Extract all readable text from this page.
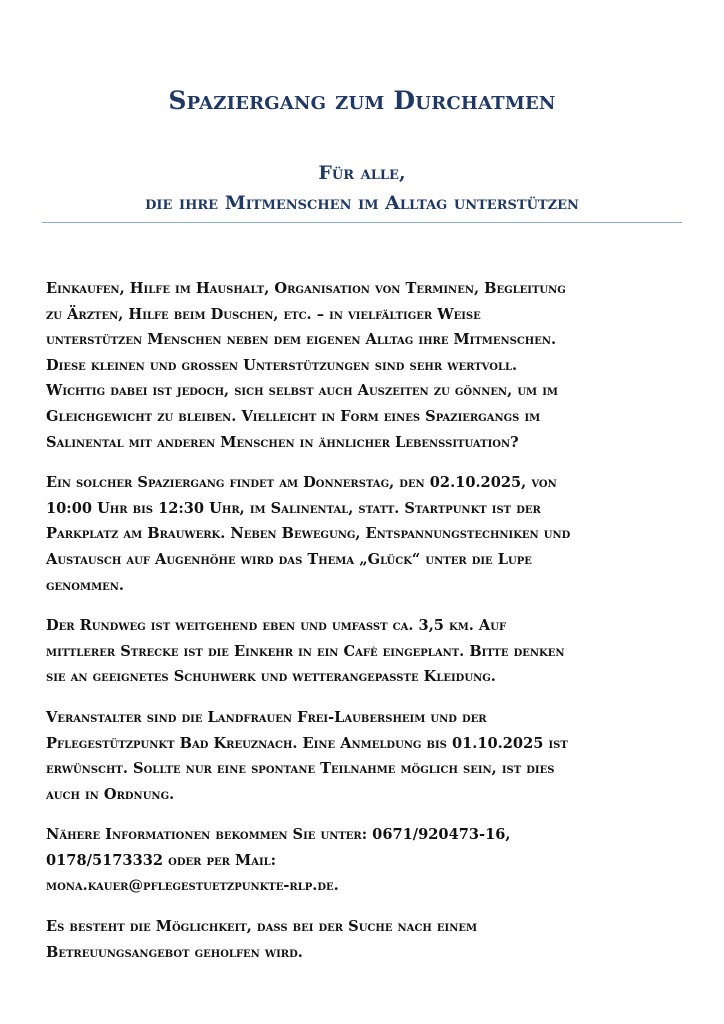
Spaziergang zum Durchatmen
Für alle,
die ihre Mitmenschen im Alltag unterstützen

Einkaufen, Hilfe im Haushalt, Organisation von Terminen, Begleitung
zu Ärzten, Hilfe beim Duschen, etc. – in vielfältiger Weise
unterstützen Menschen neben dem eigenen Alltag ihre Mitmenschen.
Diese kleinen und großen Unterstützungen sind sehr wertvoll.
Wichtig dabei ist jedoch, sich selbst auch Auszeiten zu gönnen, um im
Gleichgewicht zu bleiben. Vielleicht in Form eines Spaziergangs im
Salinental mit anderen Menschen in ähnlicher Lebenssituation?

Ein solcher Spaziergang findet am Donnerstag, den 02.10.2025, von
10:00 Uhr bis 12:30 Uhr, im Salinental, statt. Startpunkt ist der
Parkplatz am Brauwerk. Neben Bewegung, Entspannungstechniken und
Austausch auf Augenhöhe wird das Thema „Glück“ unter die Lupe
genommen.

Der Rundweg ist weitgehend eben und umfasst ca. 3,5 km. Auf
mittlerer Strecke ist die Einkehr in ein Cafè eingeplant. Bitte denken
sie an geeignetes Schuhwerk und wetterangepasste Kleidung.

Veranstalter sind die Landfrauen Frei-Laubersheim und der
Pflegestützpunkt Bad Kreuznach. Eine Anmeldung bis 01.10.2025 ist
erwünscht. Sollte nur eine spontane Teilnahme möglich sein, ist dies
auch in Ordnung.

Nähere Informationen bekommen Sie unter: 0671/920473-16,
0178/5173332 oder per Mail:
mona.kauer@pflegestuetzpunkte-rlp.de.

Es besteht die Möglichkeit, dass bei der Suche nach einem
Betreuungsangebot geholfen wird.
